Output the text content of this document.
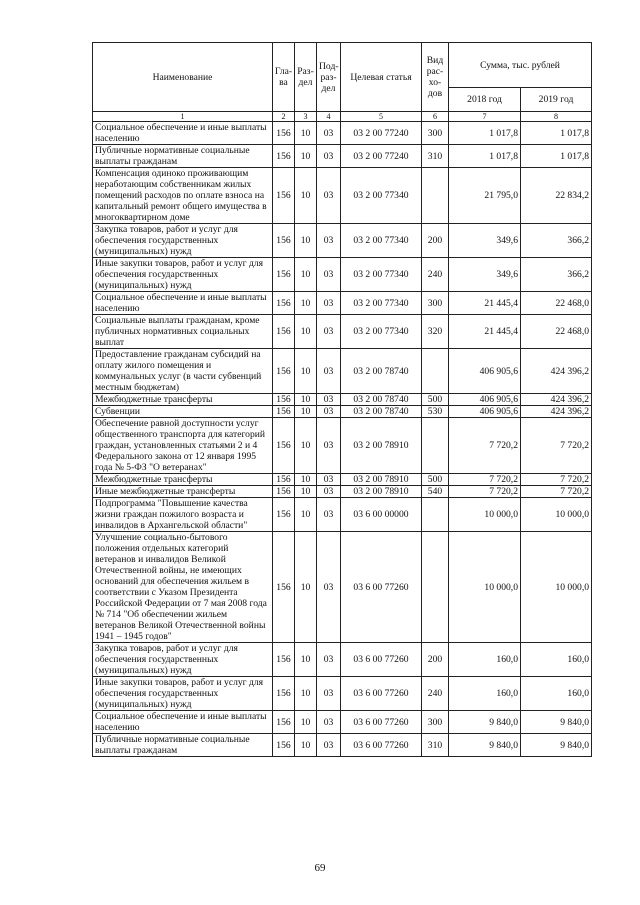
Наименование	Гла-ва	Раз-дел	Под-раз-дел	Целевая статья	Вид рас-хо-дов	Сумма, тыс. рублей	
						2018 год	2019 год
1	2	3	4	5	6	7	8
Социальное обеспечение и иные выплаты населению	156	10	03	03 2 00 77240	300	1 017,8	1 017,8
Публичные нормативные социальные выплаты гражданам	156	10	03	03 2 00 77240	310	1 017,8	1 017,8
Компенсация одиноко проживающим неработающим собственникам жилых помещений расходов по оплате взноса на капитальный ремонт общего имущества в многоквартирном доме	156	10	03	03 2 00 77340		21 795,0	22 834,2
Закупка товаров, работ и услуг для обеспечения государственных (муниципальных) нужд	156	10	03	03 2 00 77340	200	349,6	366,2
Иные закупки товаров, работ и услуг для обеспечения государственных (муниципальных) нужд	156	10	03	03 2 00 77340	240	349,6	366,2
Социальное обеспечение и иные выплаты населению	156	10	03	03 2 00 77340	300	21 445,4	22 468,0
Социальные выплаты гражданам, кроме публичных нормативных социальных выплат	156	10	03	03 2 00 77340	320	21 445,4	22 468,0
Предоставление гражданам субсидий на оплату жилого помещения и коммунальных услуг (в части субвенций местным бюджетам)	156	10	03	03 2 00 78740		406 905,6	424 396,2
Межбюджетные трансферты	156	10	03	03 2 00 78740	500	406 905,6	424 396,2
Субвенции	156	10	03	03 2 00 78740	530	406 905,6	424 396,2
Обеспечение равной доступности услуг общественного транспорта для категорий граждан, установленных статьями 2 и 4 Федерального закона от 12 января 1995 года № 5-ФЗ "О ветеранах"	156	10	03	03 2 00 78910		7 720,2	7 720,2
Межбюджетные трансферты	156	10	03	03 2 00 78910	500	7 720,2	7 720,2
Иные межбюджетные трансферты	156	10	03	03 2 00 78910	540	7 720,2	7 720,2
Подпрограмма "Повышение качества жизни граждан пожилого возраста и инвалидов в Архангельской области"	156	10	03	03 6 00 00000		10 000,0	10 000,0
Улучшение социально-бытового положения отдельных категорий ветеранов и инвалидов Великой Отечественной войны, не имеющих оснований для обеспечения жильем в соответствии с Указом Президента Российской Федерации от 7 мая 2008 года № 714 "Об обеспечении жильем ветеранов Великой Отечественной войны 1941 – 1945 годов"	156	10	03	03 6 00 77260		10 000,0	10 000,0
Закупка товаров, работ и услуг для обеспечения государственных (муниципальных) нужд	156	10	03	03 6 00 77260	200	160,0	160,0
Иные закупки товаров, работ и услуг для обеспечения государственных (муниципальных) нужд	156	10	03	03 6 00 77260	240	160,0	160,0
Социальное обеспечение и иные выплаты населению	156	10	03	03 6 00 77260	300	9 840,0	9 840,0
Публичные нормативные социальные выплаты гражданам	156	10	03	03 6 00 77260	310	9 840,0	9 840,0
69
